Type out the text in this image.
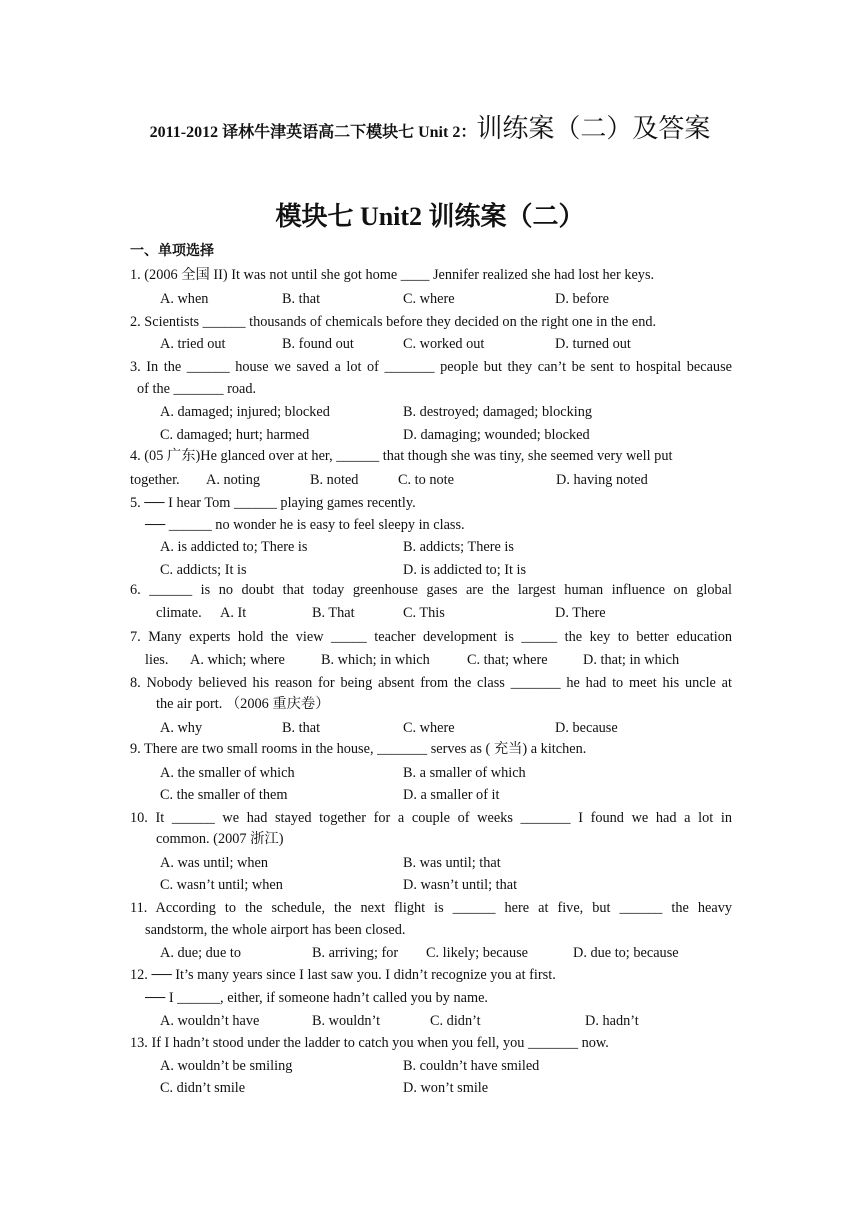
2011-2012 译林牛津英语高二下模块七 Unit 2：训练案（二）及答案
模块七 Unit2 训练案（二）
一、单项选择
1. (2006 全国 II) It was not until she got home ____ Jennifer realized she had lost her keys.
A. when	B. that	C. where	D. before
2. Scientists ______ thousands of chemicals before they decided on the right one in the end.
A. tried out	B. found out	C. worked out	D. turned out
3. In the ______ house we saved a lot of _______ people but they can’t be sent to hospital because
of the _______ road.
A. damaged; injured; blocked	B. destroyed; damaged; blocking
C. damaged; hurt; harmed	D. damaging; wounded; blocked
4. (05 广东)He glanced over at her, ______ that though she was tiny, she seemed very well put
together. A. noting	B. noted	C. to note	D. having noted
5. ── I hear Tom ______ playing games recently.
── ______ no wonder he is easy to feel sleepy in class.
A. is addicted to; There is	B. addicts; There is
C. addicts; It is	D. is addicted to; It is
6. ______ is no doubt that today greenhouse gases are the largest human influence on global
climate. A. It	B. That	C. This	D. There
7. Many experts hold the view _____ teacher development is _____ the key to better education
lies. A. which; where	B. which; in which	C. that; where D. that; in which
8. Nobody believed his reason for being absent from the class _______ he had to meet his uncle at
the air port. （2006 重庆卷）
A. why	B. that	C. where	D. because
9. There are two small rooms in the house, _______ serves as ( 充当) a kitchen.
A. the smaller of which	B. a smaller of which
C. the smaller of them	D. a smaller of it
10. It ______ we had stayed together for a couple of weeks _______ I found we had a lot in
common. (2007 浙江)
A. was until; when	B. was until; that
C. wasn’t until; when	D. wasn’t until; that
11. According to the schedule, the next flight is ______ here at five, but ______ the heavy
sandstorm, the whole airport has been closed.
A. due; due to	B. arriving; for C. likely; because	D. due to; because
12. ── It’s many years since I last saw you. I didn’t recognize you at first.
── I ______, either, if someone hadn’t called you by name.
A. wouldn’t have	B. wouldn’t	C. didn’t	D. hadn’t
13. If I hadn’t stood under the ladder to catch you when you fell, you _______ now.
A. wouldn’t be smiling	B. couldn’t have smiled
C. didn’t smile	D. won’t smile
